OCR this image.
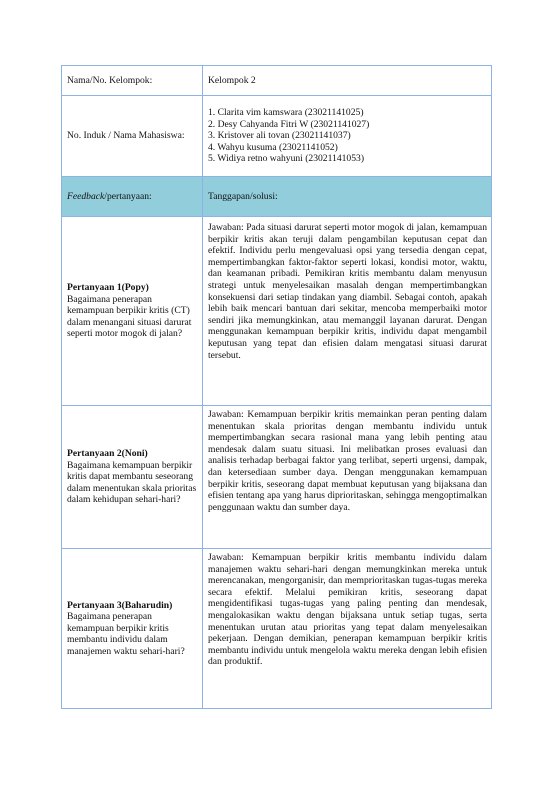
Nama/No. Kelompok:	Kelompok 2
No. Induk / Nama Mahasiswa:	1. Clarita vim kamswara (23021141025)
2. Desy Cahyanda Fitri W (23021141027)
3. Kristover ali tovan (23021141037)
4. Wahyu kusuma (23021141052)
5. Widiya retno wahyuni (23021141053)

Feedback/pertanyaan:	Tanggapan/solusi:

Pertanyaan 1(Popy)
Bagaimana penerapan kemampuan berpikir kritis (CT) dalam menangani situasi darurat seperti motor mogok di jalan?	Jawaban: Pada situasi darurat seperti motor mogok di jalan, kemampuan berpikir kritis akan teruji dalam pengambilan keputusan cepat dan efektif. Individu perlu mengevaluasi opsi yang tersedia dengan cepat, mempertimbangkan faktor-faktor seperti lokasi, kondisi motor, waktu, dan keamanan pribadi. Pemikiran kritis membantu dalam menyusun strategi untuk menyelesaikan masalah dengan mempertimbangkan konsekuensi dari setiap tindakan yang diambil. Sebagai contoh, apakah lebih baik mencari bantuan dari sekitar, mencoba memperbaiki motor sendiri jika memungkinkan, atau memanggil layanan darurat. Dengan menggunakan kemampuan berpikir kritis, individu dapat mengambil keputusan yang tepat dan efisien dalam mengatasi situasi darurat tersebut.

Pertanyaan 2(Noni)
Bagaimana kemampuan berpikir kritis dapat membantu seseorang dalam menentukan skala prioritas dalam kehidupan sehari-hari?	Jawaban: Kemampuan berpikir kritis memainkan peran penting dalam menentukan skala prioritas dengan membantu individu untuk mempertimbangkan secara rasional mana yang lebih penting atau mendesak dalam suatu situasi. Ini melibatkan proses evaluasi dan analisis terhadap berbagai faktor yang terlibat, seperti urgensi, dampak, dan ketersediaan sumber daya. Dengan menggunakan kemampuan berpikir kritis, seseorang dapat membuat keputusan yang bijaksana dan efisien tentang apa yang harus diprioritaskan, sehingga mengoptimalkan penggunaan waktu dan sumber daya.

Pertanyaan 3(Baharudin)
Bagaimana penerapan kemampuan berpikir kritis membantu individu dalam manajemen waktu sehari-hari?	Jawaban: Kemampuan berpikir kritis membantu individu dalam manajemen waktu sehari-hari dengan memungkinkan mereka untuk merencanakan, mengorganisir, dan memprioritaskan tugas-tugas mereka secara efektif. Melalui pemikiran kritis, seseorang dapat mengidentifikasi tugas-tugas yang paling penting dan mendesak, mengalokasikan waktu dengan bijaksana untuk setiap tugas, serta menentukan urutan atau prioritas yang tepat dalam menyelesaikan pekerjaan. Dengan demikian, penerapan kemampuan berpikir kritis membantu individu untuk mengelola waktu mereka dengan lebih efisien dan produktif.
